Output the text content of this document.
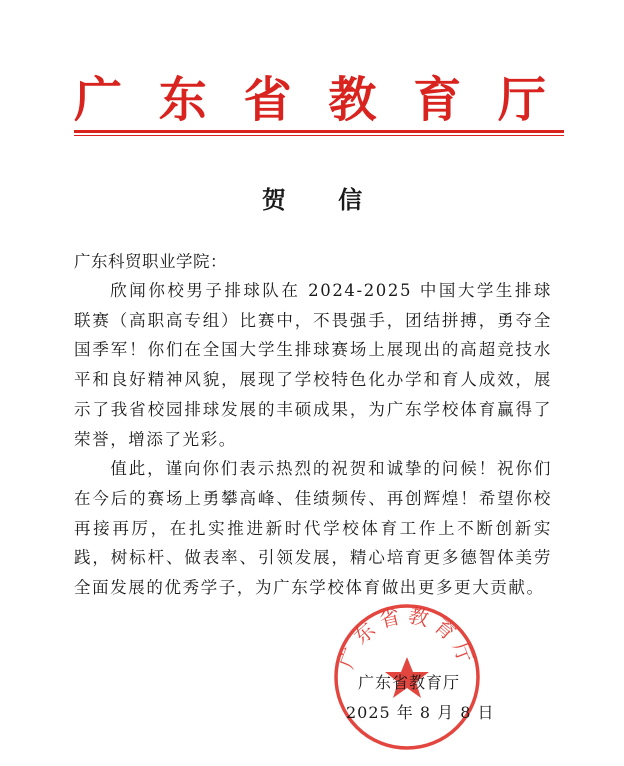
广 东 省 教 育 厅
贺 信
广东科贸职业学院：

欣闻你校男子排球队在 2024-2025 中国大学生排球联赛（高职高专组）比赛中，不畏强手，团结拼搏，勇夺全国季军！你们在全国大学生排球赛场上展现出的高超竞技水平和良好精神风貌，展现了学校特色化办学和育人成效，展示了我省校园排球发展的丰硕成果，为广东学校体育赢得了荣誉，增添了光彩。

值此，谨向你们表示热烈的祝贺和诚挚的问候！祝你们在今后的赛场上勇攀高峰、佳绩频传、再创辉煌！希望你校再接再厉，在扎实推进新时代学校体育工作上不断创新实践，树标杆、做表率、引领发展，精心培育更多德智体美劳全面发展的优秀学子，为广东学校体育做出更多更大贡献。

广东省教育厅
广东省教育厅
2025 年 8 月 8 日
